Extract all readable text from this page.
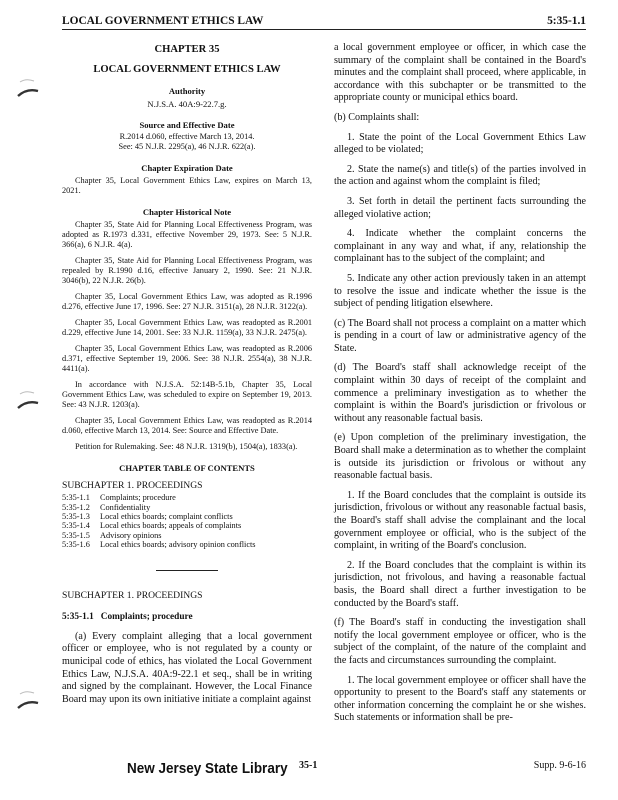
LOCAL GOVERNMENT ETHICS LAW	5:35-1.1

CHAPTER 35

LOCAL GOVERNMENT ETHICS LAW

Authority

N.J.S.A. 40A:9-22.7.g.

Source and Effective Date

R.2014 d.060, effective March 13, 2014.

See: 45 N.J.R. 2295(a), 46 N.J.R. 622(a).

Chapter Expiration Date

Chapter 35, Local Government Ethics Law, expires on March 13, 2021.

Chapter Historical Note

Chapter 35, State Aid for Planning Local Effectiveness Program, was adopted as R.1973 d.331, effective November 29, 1973. See: 5 N.J.R. 366(a), 6 N.J.R. 4(a).

Chapter 35, State Aid for Planning Local Effectiveness Program, was repealed by R.1990 d.16, effective January 2, 1990. See: 21 N.J.R. 3046(b), 22 N.J.R. 26(b).

Chapter 35, Local Government Ethics Law, was adopted as R.1996 d.276, effective June 17, 1996. See: 27 N.J.R. 3151(a), 28 N.J.R. 3122(a).

Chapter 35, Local Government Ethics Law, was readopted as R.2001 d.229, effective June 14, 2001. See: 33 N.J.R. 1159(a), 33 N.J.R. 2475(a).

Chapter 35, Local Government Ethics Law, was readopted as R.2006 d.371, effective September 19, 2006. See: 38 N.J.R. 2554(a), 38 N.J.R. 4411(a).

In accordance with N.J.S.A. 52:14B-5.1b, Chapter 35, Local Government Ethics Law, was scheduled to expire on September 19, 2013. See: 43 N.J.R. 1203(a).

Chapter 35, Local Government Ethics Law, was readopted as R.2014 d.060, effective March 13, 2014. See: Source and Effective Date.

Petition for Rulemaking. See: 48 N.J.R. 1319(b), 1504(a), 1833(a).

CHAPTER TABLE OF CONTENTS

SUBCHAPTER 1. PROCEEDINGS

5:35-1.1	Complaints; procedure
5:35-1.2	Confidentiality
5:35-1.3	Local ethics boards; complaint conflicts
5:35-1.4	Local ethics boards; appeals of complaints
5:35-1.5	Advisory opinions
5:35-1.6	Local ethics boards; advisory opinion conflicts

SUBCHAPTER 1. PROCEEDINGS

5:35-1.1 Complaints; procedure

(a) Every complaint alleging that a local government officer or employee, who is not regulated by a county or municipal code of ethics, has violated the Local Government Ethics Law, N.J.S.A. 40A:9-22.1 et seq., shall be in writing and signed by the complainant. However, the Local Finance Board may upon its own initiative initiate a complaint against

a local government employee or officer, in which case the summary of the complaint shall be contained in the Board's minutes and the complaint shall proceed, where applicable, in accordance with this subchapter or be transmitted to the appropriate county or municipal ethics board.

(b) Complaints shall:

1. State the point of the Local Government Ethics Law alleged to be violated;

2. State the name(s) and title(s) of the parties involved in the action and against whom the complaint is filed;

3. Set forth in detail the pertinent facts surrounding the alleged violative action;

4. Indicate whether the complaint concerns the complainant in any way and what, if any, relationship the complainant has to the subject of the complaint; and

5. Indicate any other action previously taken in an attempt to resolve the issue and indicate whether the issue is the subject of pending litigation elsewhere.

(c) The Board shall not process a complaint on a matter which is pending in a court of law or administrative agency of the State.

(d) The Board's staff shall acknowledge receipt of the complaint within 30 days of receipt of the complaint and commence a preliminary investigation as to whether the complaint is within the Board's jurisdiction or frivolous or without any reasonable factual basis.

(e) Upon completion of the preliminary investigation, the Board shall make a determination as to whether the complaint is outside its jurisdiction or frivolous or without any reasonable factual basis.

1. If the Board concludes that the complaint is outside its jurisdiction, frivolous or without any reasonable factual basis, the Board's staff shall advise the complainant and the local government employee or official, who is the subject of the complaint, in writing of the Board's conclusion.

2. If the Board concludes that the complaint is within its jurisdiction, not frivolous, and having a reasonable factual basis, the Board shall direct a further investigation to be conducted by the Board's staff.

(f) The Board's staff in conducting the investigation shall notify the local government employee or officer, who is the subject of the complaint, of the nature of the complaint and the facts and circumstances surrounding the complaint.

1. The local government employee or officer shall have the opportunity to present to the Board's staff any statements or other information concerning the complaint he or she wishes. Such statements or information shall be pre-

New Jersey State Library 35-1	Supp. 9-6-16
